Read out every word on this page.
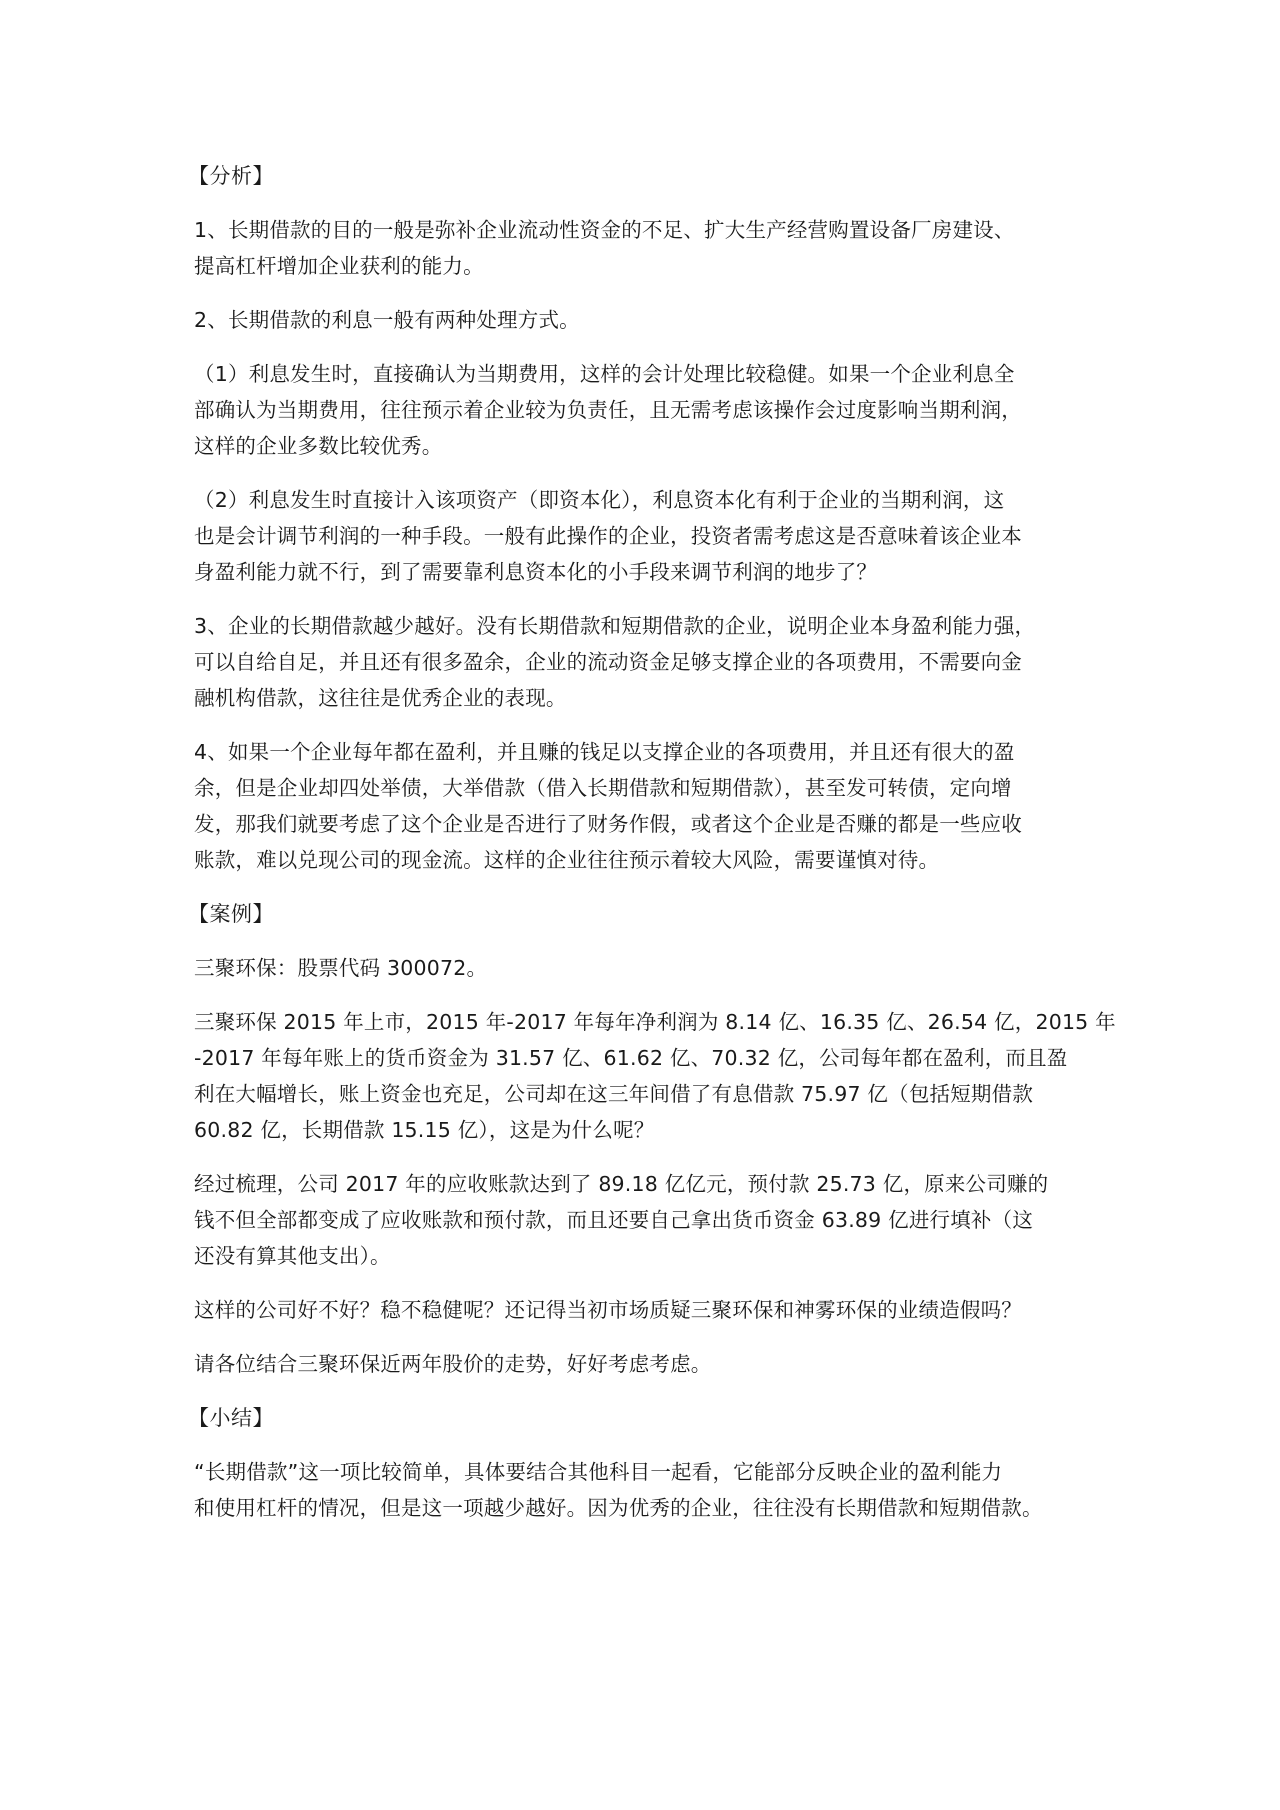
【分析】
1、长期借款的目的一般是弥补企业流动性资金的不足、扩大生产经营购置设备厂房建设、
提高杠杆增加企业获利的能力。
2、长期借款的利息一般有两种处理方式。
（1）利息发生时，直接确认为当期费用，这样的会计处理比较稳健。如果一个企业利息全
部确认为当期费用，往往预示着企业较为负责任，且无需考虑该操作会过度影响当期利润，
这样的企业多数比较优秀。
（2）利息发生时直接计入该项资产（即资本化），利息资本化有利于企业的当期利润，这
也是会计调节利润的一种手段。一般有此操作的企业，投资者需考虑这是否意味着该企业本
身盈利能力就不行，到了需要靠利息资本化的小手段来调节利润的地步了？
3、企业的长期借款越少越好。没有长期借款和短期借款的企业，说明企业本身盈利能力强，
可以自给自足，并且还有很多盈余，企业的流动资金足够支撑企业的各项费用，不需要向金
融机构借款，这往往是优秀企业的表现。
4、如果一个企业每年都在盈利，并且赚的钱足以支撑企业的各项费用，并且还有很大的盈
余，但是企业却四处举债，大举借款（借入长期借款和短期借款），甚至发可转债，定向增
发，那我们就要考虑了这个企业是否进行了财务作假，或者这个企业是否赚的都是一些应收
账款，难以兑现公司的现金流。这样的企业往往预示着较大风险，需要谨慎对待。
【案例】
三聚环保：股票代码 300072。
三聚环保 2015 年上市，2015 年-2017 年每年净利润为 8.14 亿、16.35 亿、26.54 亿，2015 年
-2017 年每年账上的货币资金为 31.57 亿、61.62 亿、70.32 亿，公司每年都在盈利，而且盈
利在大幅增长，账上资金也充足，公司却在这三年间借了有息借款 75.97 亿（包括短期借款
60.82 亿，长期借款 15.15 亿），这是为什么呢？
经过梳理，公司 2017 年的应收账款达到了 89.18 亿亿元，预付款 25.73 亿，原来公司赚的
钱不但全部都变成了应收账款和预付款，而且还要自己拿出货币资金 63.89 亿进行填补（这
还没有算其他支出）。
这样的公司好不好？稳不稳健呢？还记得当初市场质疑三聚环保和神雾环保的业绩造假吗？
请各位结合三聚环保近两年股价的走势，好好考虑考虑。
【小结】
“长期借款”这一项比较简单，具体要结合其他科目一起看，它能部分反映企业的盈利能力
和使用杠杆的情况，但是这一项越少越好。因为优秀的企业，往往没有长期借款和短期借款。
